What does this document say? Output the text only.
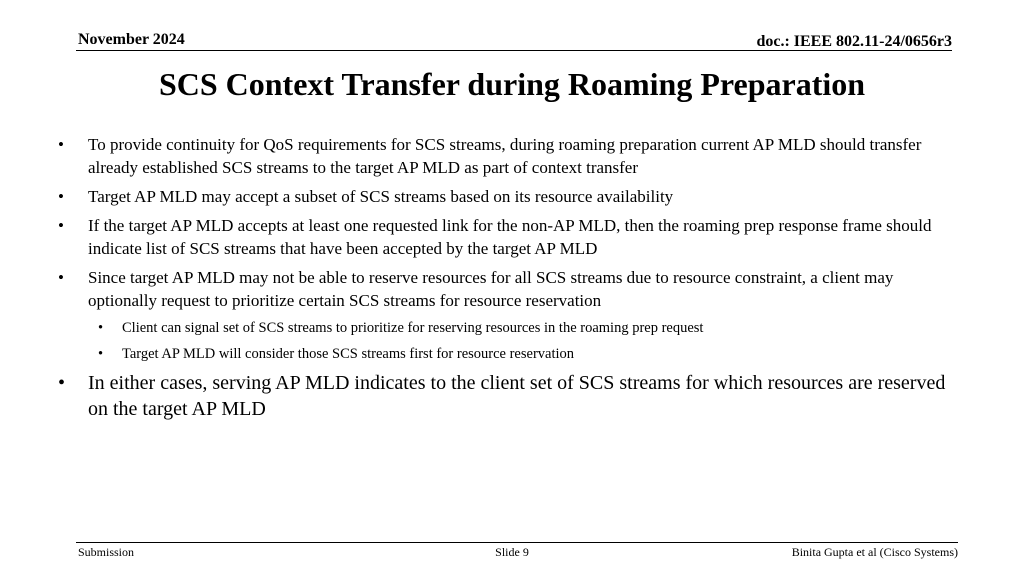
November 2024	doc.: IEEE 802.11-24/0656r3
SCS Context Transfer during Roaming Preparation
• To provide continuity for QoS requirements for SCS streams, during roaming preparation current AP MLD should transfer already established SCS streams to the target AP MLD as part of context transfer
• Target AP MLD may accept a subset of SCS streams based on its resource availability
• If the target AP MLD accepts at least one requested link for the non-AP MLD, then the roaming prep response frame should indicate list of SCS streams that have been accepted by the target AP MLD
• Since target AP MLD may not be able to reserve resources for all SCS streams due to resource constraint, a client may optionally request to prioritize certain SCS streams for resource reservation
• Client can signal set of SCS streams to prioritize for reserving resources in the roaming prep request
• Target AP MLD will consider those SCS streams first for resource reservation
• In either cases, serving AP MLD indicates to the client set of SCS streams for which resources are reserved on the target AP MLD
Submission	Slide 9	Binita Gupta et al (Cisco Systems)
